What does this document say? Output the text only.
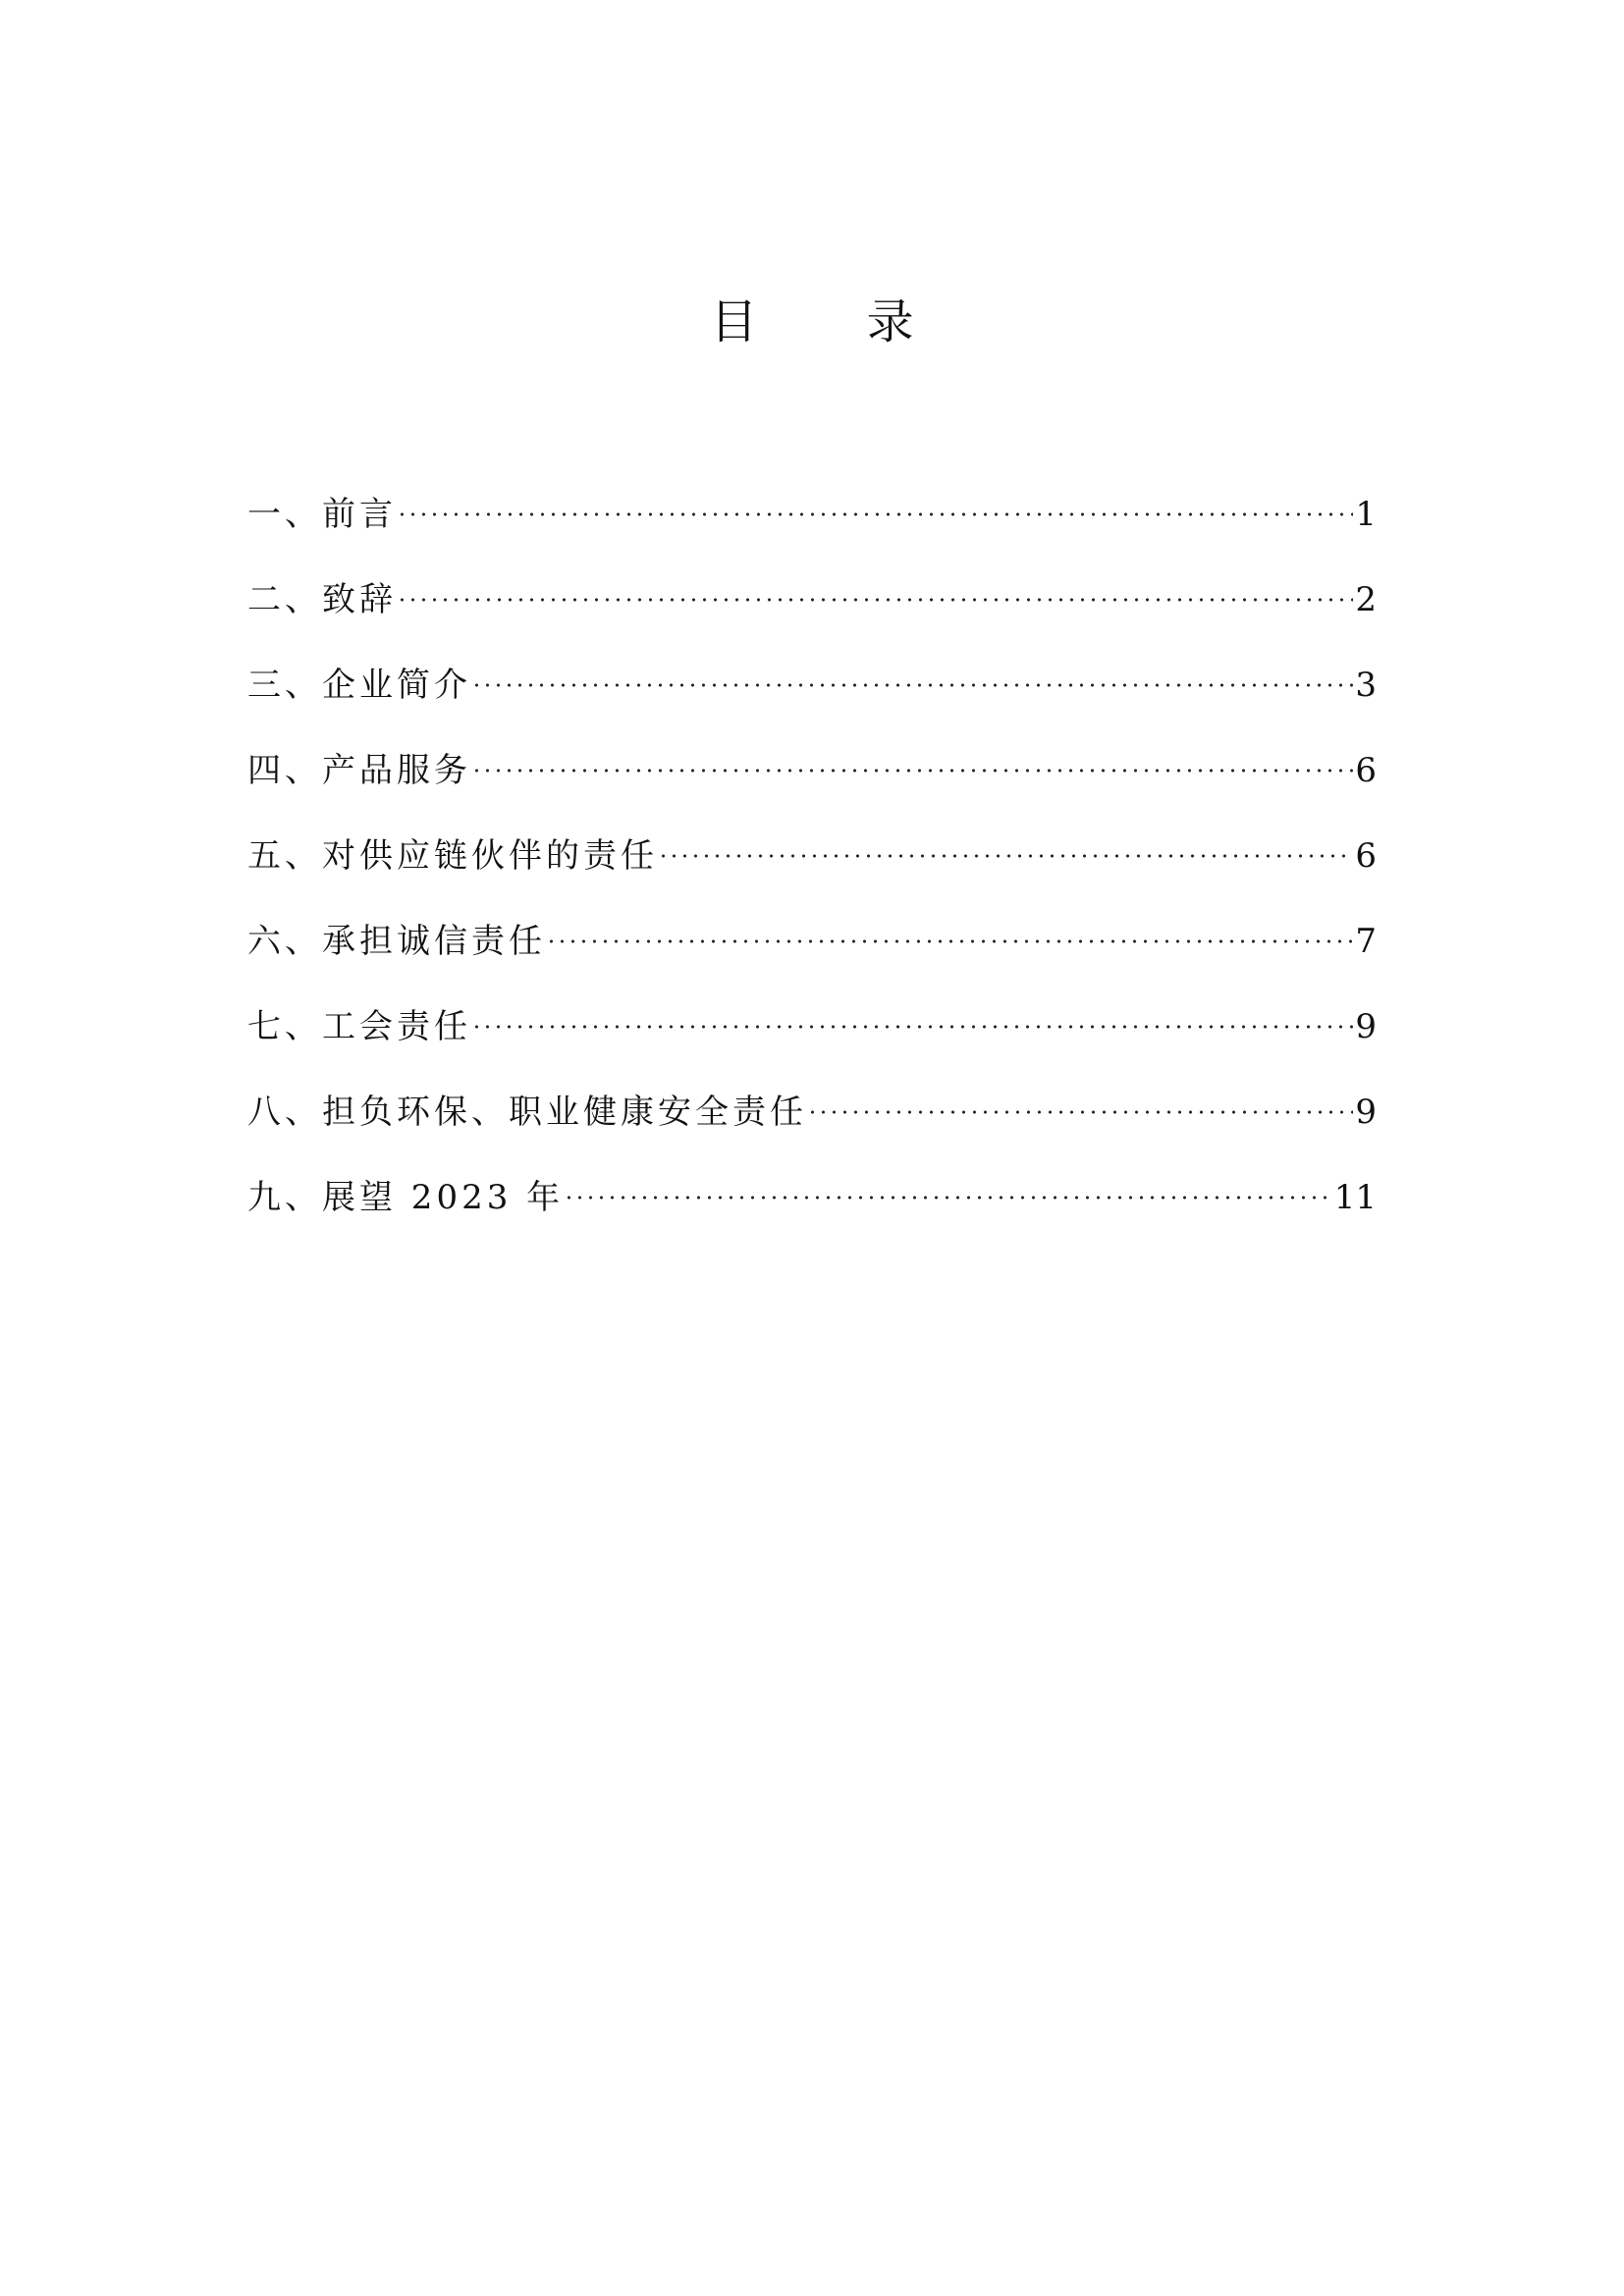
目 录
一、前言	1
二、致辞	2
三、企业简介	3
四、产品服务	6
五、对供应链伙伴的责任	6
六、承担诚信责任	7
七、工会责任	9
八、担负环保、职业健康安全责任	9
九、展望 2023 年	11
